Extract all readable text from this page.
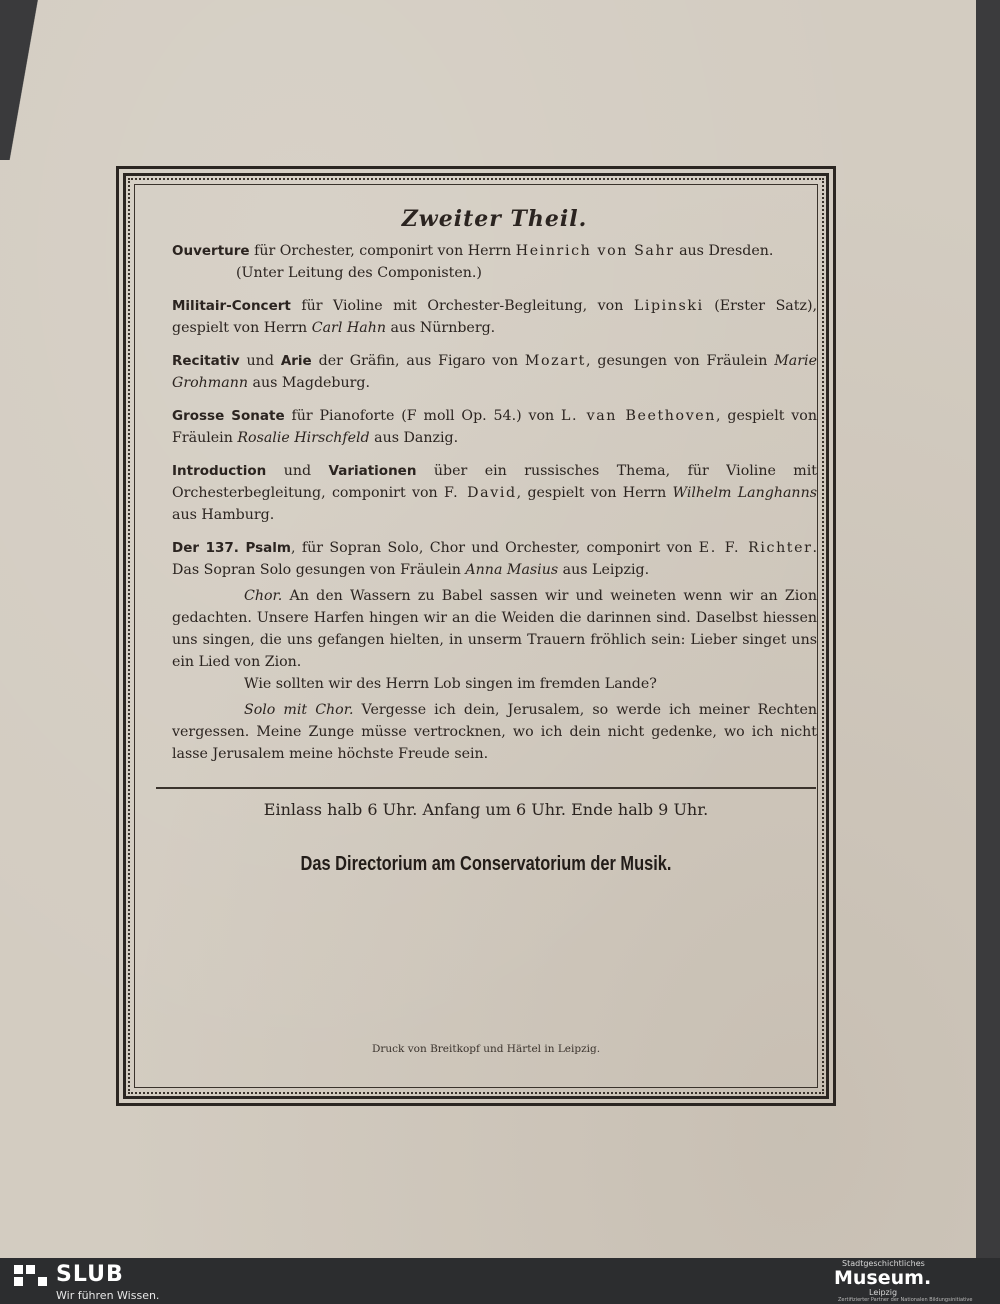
Zweiter Theil.
Ouverture für Orchester, componirt von Herrn Heinrich von Sahr aus Dresden.
(Unter Leitung des Componisten.)
Militair-Concert für Violine mit Orchester-Begleitung, von Lipinski (Erster Satz), gespielt von Herrn Carl Hahn aus Nürnberg.
Recitativ und Arie der Gräfin, aus Figaro von Mozart, gesungen von Fräulein Marie Grohmann aus Magdeburg.
Grosse Sonate für Pianoforte (F moll Op. 54.) von L. van Beethoven, gespielt von Fräulein Rosalie Hirschfeld aus Danzig.
Introduction und Variationen über ein russisches Thema, für Violine mit Orchesterbegleitung, componirt von F. David, gespielt von Herrn Wilhelm Langhanns aus Hamburg.
Der 137. Psalm, für Sopran Solo, Chor und Orchester, componirt von E. F. Richter. Das Sopran Solo gesungen von Fräulein Anna Masius aus Leipzig.

Chor. An den Wassern zu Babel sassen wir und weineten wenn wir an Zion gedachten. Unsere Harfen hingen wir an die Weiden die darinnen sind. Daselbst hiessen uns singen, die uns gefangen hielten, in unserm Trauern fröhlich sein: Lieber singet uns ein Lied von Zion.

Wie sollten wir des Herrn Lob singen im fremden Lande?

Solo mit Chor. Vergesse ich dein, Jerusalem, so werde ich meiner Rechten vergessen. Meine Zunge müsse vertrocknen, wo ich dein nicht gedenke, wo ich nicht lasse Jerusalem meine höchste Freude sein.

Einlass halb 6 Uhr. Anfang um 6 Uhr. Ende halb 9 Uhr.
Das Directorium am Conservatorium der Musik.
Druck von Breitkopf und Härtel in Leipzig.
SLUB
Wir führen Wissen.
Stadtgeschichtliches
Museum.
Leipzig
Zertifizierter Partner der Nationalen Bildungsinitiative
